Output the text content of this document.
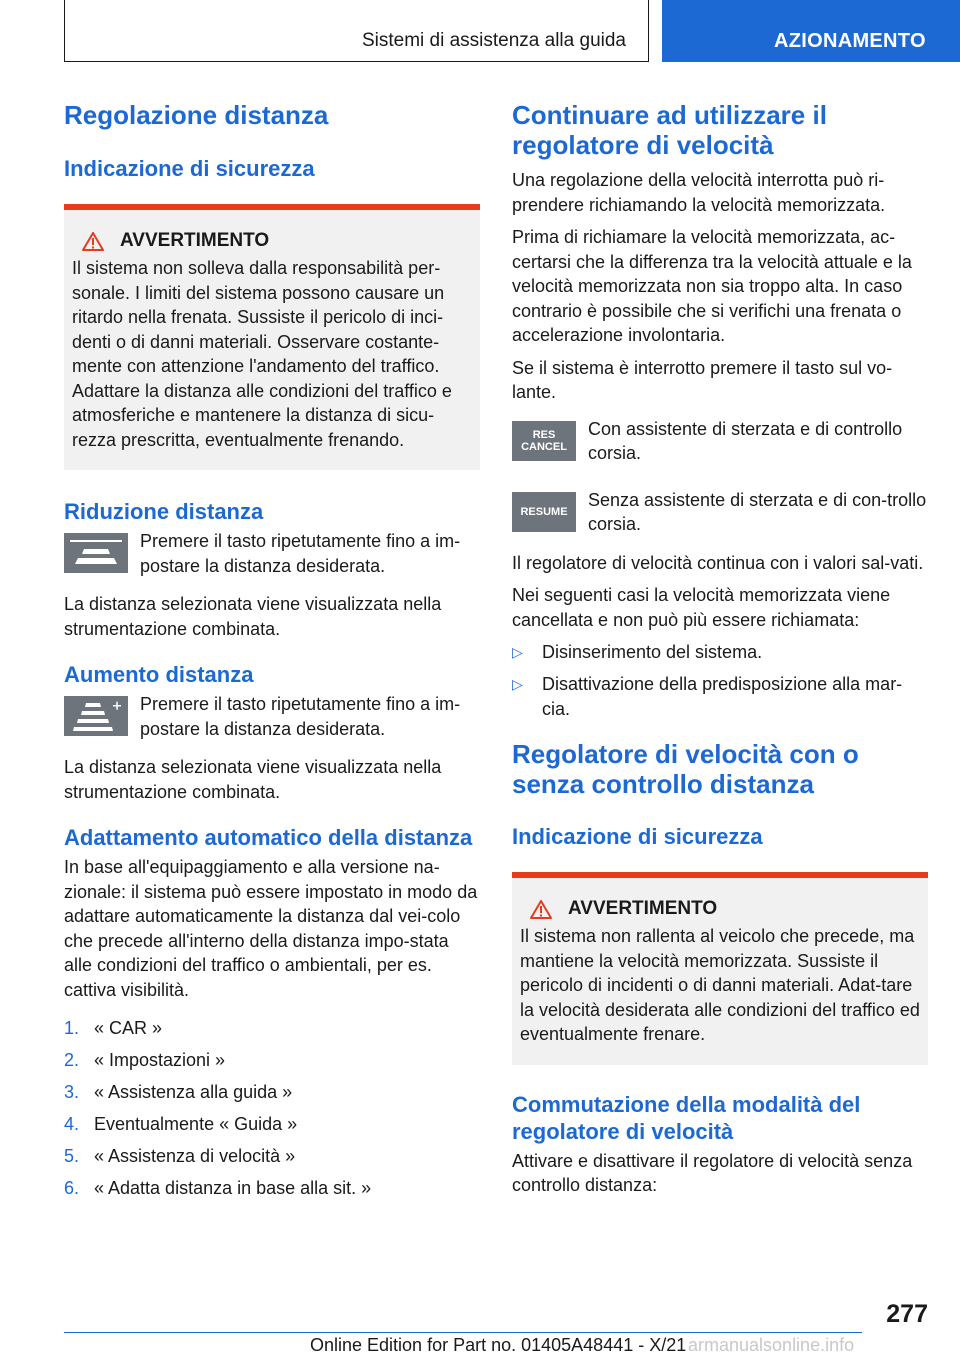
Sistemi di assistenza alla guida	AZIONAMENTO
Regolazione distanza
Indicazione di sicurezza
AVVERTIMENTO

Il sistema non solleva dalla responsabilità per-sonale. I limiti del sistema possono causare un ritardo nella frenata. Sussiste il pericolo di inci-denti o di danni materiali. Osservare costante-mente con attenzione l'andamento del traffico. Adattare la distanza alle condizioni del traffico e atmosferiche e mantenere la distanza di sicu-rezza prescritta, eventualmente frenando.

Riduzione distanza

Premere il tasto ripetutamente fino a im-postare la distanza desiderata.

La distanza selezionata viene visualizzata nella strumentazione combinata.

Aumento distanza

Premere il tasto ripetutamente fino a im-postare la distanza desiderata.

La distanza selezionata viene visualizzata nella strumentazione combinata.

Adattamento automatico della distanza

In base all'equipaggiamento e alla versione na-zionale: il sistema può essere impostato in modo da adattare automaticamente la distanza dal vei-colo che precede all'interno della distanza impo-stata alle condizioni del traffico o ambientali, per es. cattiva visibilità.

1. « CAR »
2. « Impostazioni »
3. « Assistenza alla guida »
4. Eventualmente « Guida »
5. « Assistenza di velocità »
6. « Adatta distanza in base alla sit. »
Continuare ad utilizzare il regolatore di velocità

Una regolazione della velocità interrotta può ri-prendere richiamando la velocità memorizzata.

Prima di richiamare la velocità memorizzata, ac-certarsi che la differenza tra la velocità attuale e la velocità memorizzata non sia troppo alta. In caso contrario è possibile che si verifichi una frenata o accelerazione involontaria.

Se il sistema è interrotto premere il tasto sul vo-lante.

RES
CANCEL

Con assistente di sterzata e di controllo corsia.

RESUME

Senza assistente di sterzata e di con-trollo corsia.

Il regolatore di velocità continua con i valori sal-vati.

Nei seguenti casi la velocità memorizzata viene cancellata e non può più essere richiamata:

▷	Disinserimento del sistema.
▷	Disattivazione della predisposizione alla mar-cia.
Regolatore di velocità con o senza controllo distanza
Indicazione di sicurezza
AVVERTIMENTO

Il sistema non rallenta al veicolo che precede, ma mantiene la velocità memorizzata. Sussiste il pericolo di incidenti o di danni materiali. Adat-tare la velocità desiderata alle condizioni del traffico ed eventualmente frenare.

Commutazione della modalità del regolatore di velocità

Attivare e disattivare il regolatore di velocità senza controllo distanza:

277
Online Edition for Part no. 01405A48441 - X/21 armanualsonline.info
